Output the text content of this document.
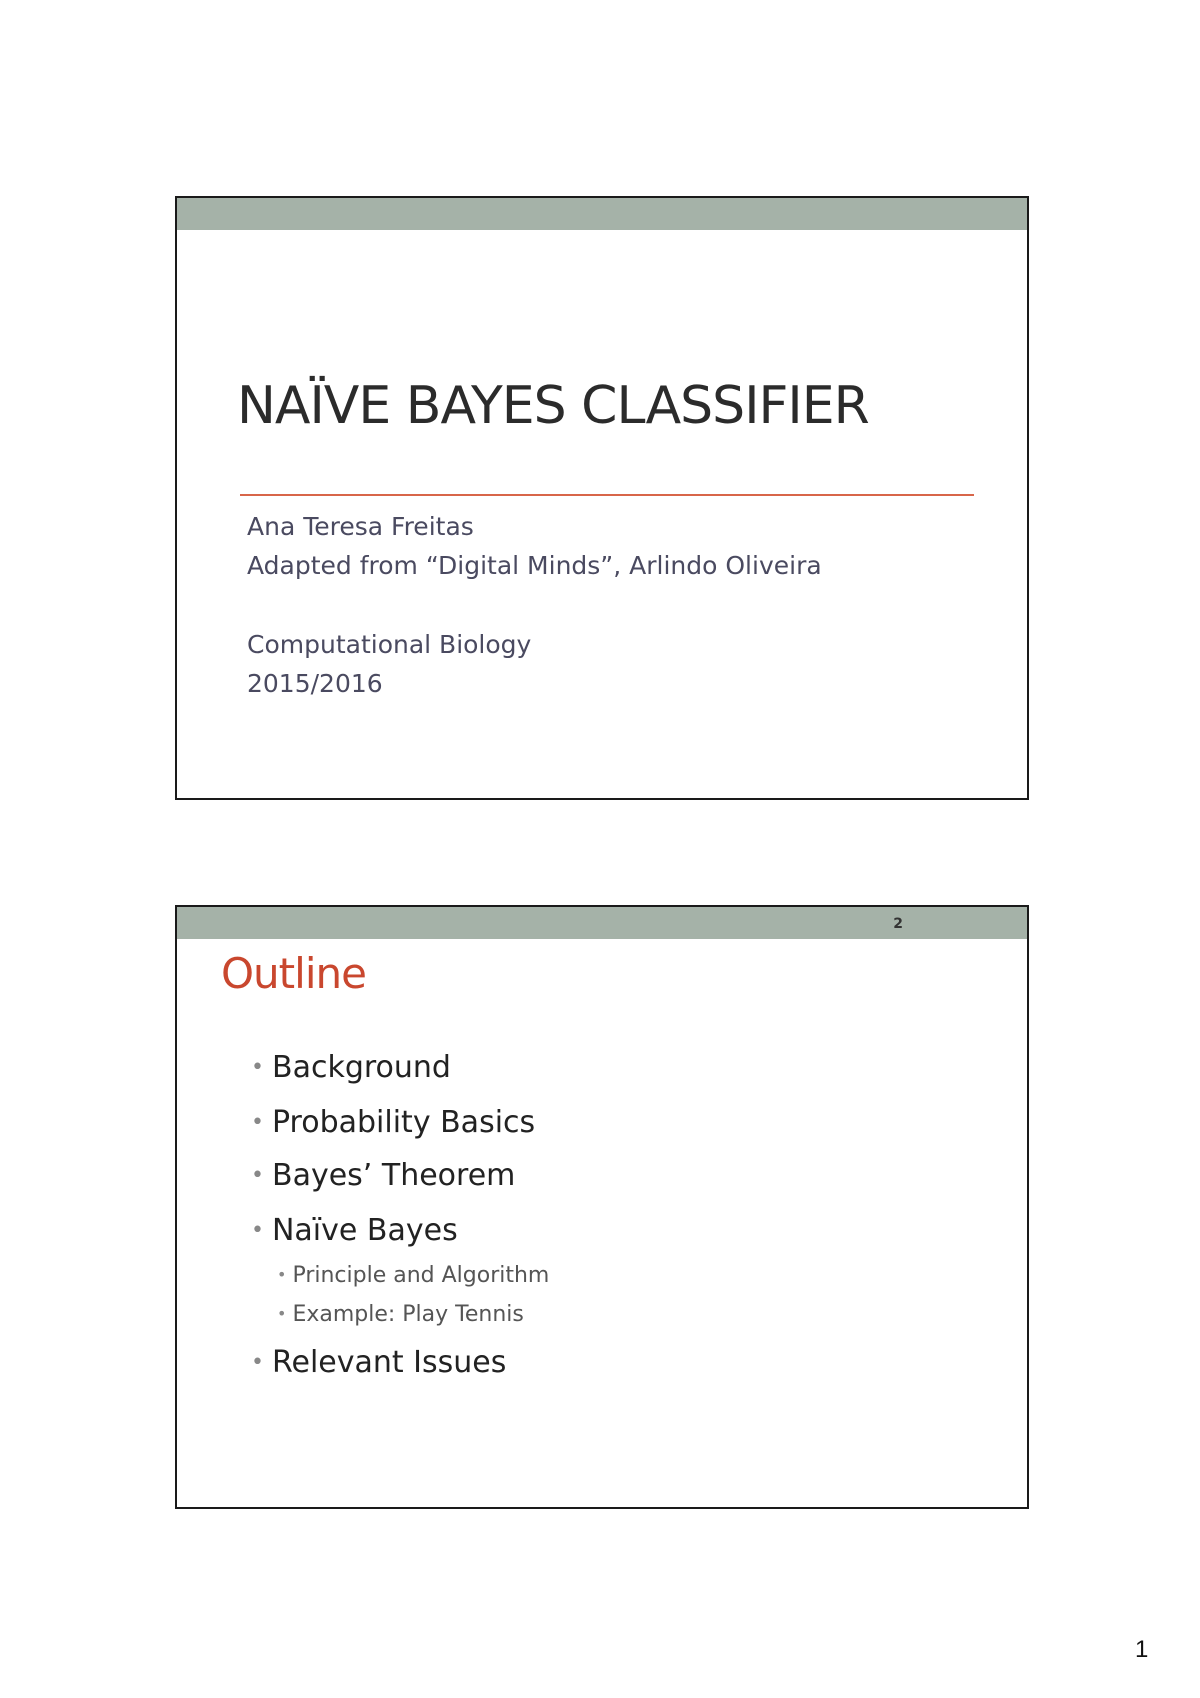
NAÏVE BAYES CLASSIFIER
Ana Teresa Freitas
Adapted from “Digital Minds”, Arlindo Oliveira
Computational Biology
2015/2016
2
Outline
• Background
• Probability Basics
• Bayes’ Theorem
• Naïve Bayes
• Principle and Algorithm
• Example: Play Tennis
• Relevant Issues
1
